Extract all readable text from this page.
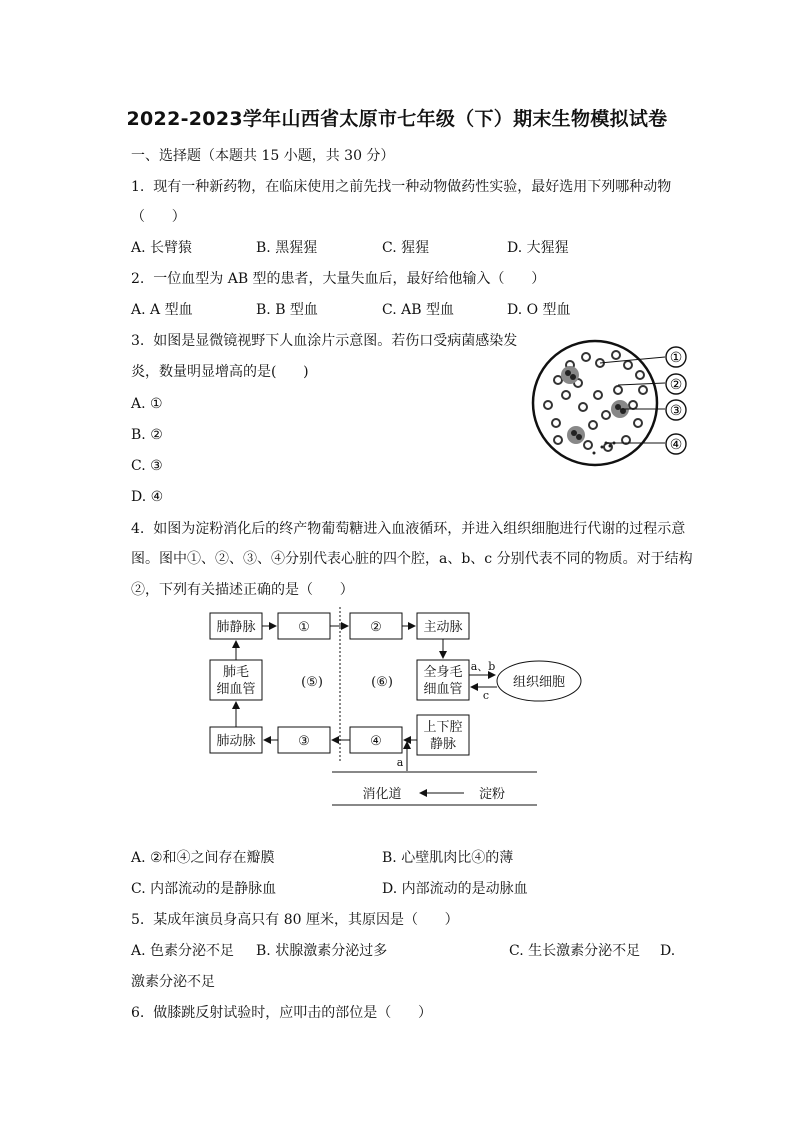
2022-2023学年山西省太原市七年级（下）期末生物模拟试卷
一、选择题（本题共 15 小题，共 30 分）
1.  现有一种新药物，在临床使用之前先找一种动物做药性实验，最好选用下列哪种动物
（      ）
A. 长臂猿	B. 黑猩猩	C. 猩猩	D. 大猩猩
2.  一位血型为 AB 型的患者，大量失血后，最好给他输入（      ）
A. A 型血	B. B 型血	C. AB 型血	D. O 型血
3.  如图是显微镜视野下人血涂片示意图。若伤口受病菌感染发
炎，数量明显增高的是(      )
A. ①
B. ②
C. ③
D. ④
①
②
③
④
4.  如图为淀粉消化后的终产物葡萄糖进入血液循环，并进入组织细胞进行代谢的过程示意
图。图中①、②、③、④分别代表心脏的四个腔，a、b、c 分别代表不同的物质。对于结构
②，下列有关描述正确的是（      ）
肺静脉	①	②	主动脉
肺毛
细血管	(⑤)	(⑥)
全身毛
细血管
a、b
c
组织细胞
肺动脉	③	④
上下腔
静脉
a
消化道	淀粉
A. ②和④之间存在瓣膜	B. 心壁肌肉比④的薄
C. 内部流动的是静脉血	D. 内部流动的是动脉血
5.  某成年演员身高只有 80 厘米，其原因是（      ）
A. 色素分泌不足 B. 状腺激素分泌过多	C. 生长激素分泌不足 D.
激素分泌不足
6.  做膝跳反射试验时，应叩击的部位是（      ）
